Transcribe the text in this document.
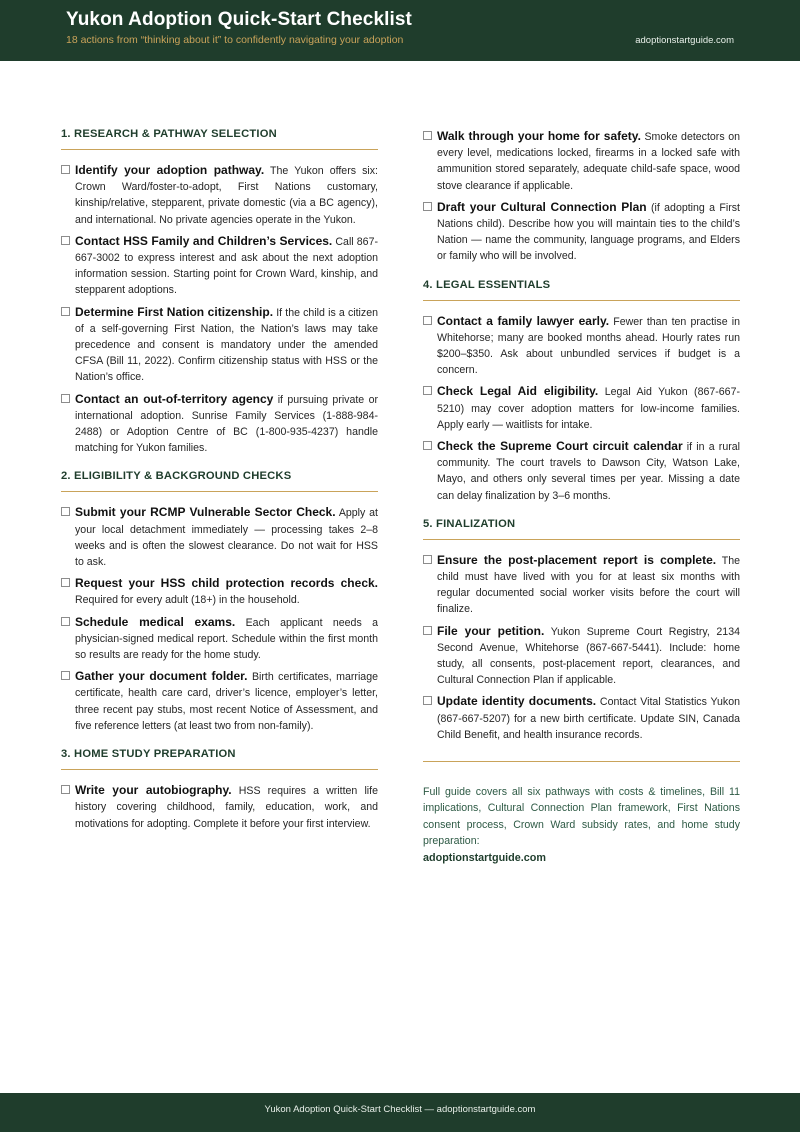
Yukon Adoption Quick-Start Checklist
18 actions from “thinking about it” to confidently navigating your adoption	adoptionstartguide.com
1. RESEARCH & PATHWAY SELECTION

Identify your adoption pathway. The Yukon offers six: Crown Ward/foster-to-adopt, First Nations customary, kinship/relative, stepparent, private domestic (via a BC agency), and international. No private agencies operate in the Yukon.

Contact HSS Family and Children’s Services. Call 867-667-3002 to express interest and ask about the next adoption information session. Starting point for Crown Ward, kinship, and stepparent adoptions.

Determine First Nation citizenship. If the child is a citizen of a self-governing First Nation, the Nation’s laws may take precedence and consent is mandatory under the amended CFSA (Bill 11, 2022). Confirm citizenship status with HSS or the Nation’s office.

Contact an out-of-territory agency if pursuing private or international adoption. Sunrise Family Services (1-888-984-2488) or Adoption Centre of BC (1-800-935-4237) handle matching for Yukon families.

2. ELIGIBILITY & BACKGROUND CHECKS

Submit your RCMP Vulnerable Sector Check. Apply at your local detachment immediately — processing takes 2–8 weeks and is often the slowest clearance. Do not wait for HSS to ask.

Request your HSS child protection records check. Required for every adult (18+) in the household.

Schedule medical exams. Each applicant needs a physician-signed medical report. Schedule within the first month so results are ready for the home study.

Gather your document folder. Birth certificates, marriage certificate, health care card, driver’s licence, employer’s letter, three recent pay stubs, most recent Notice of Assessment, and five reference letters (at least two from non-family).

3. HOME STUDY PREPARATION

Write your autobiography. HSS requires a written life history covering childhood, family, education, work, and motivations for adopting. Complete it before your first interview.

Walk through your home for safety. Smoke detectors on every level, medications locked, firearms in a locked safe with ammunition stored separately, adequate child-safe space, wood stove clearance if applicable.

Draft your Cultural Connection Plan (if adopting a First Nations child). Describe how you will maintain ties to the child’s Nation — name the community, language programs, and Elders or family who will be involved.

4. LEGAL ESSENTIALS

Contact a family lawyer early. Fewer than ten practise in Whitehorse; many are booked months ahead. Hourly rates run $200–$350. Ask about unbundled services if budget is a concern.

Check Legal Aid eligibility. Legal Aid Yukon (867-667-5210) may cover adoption matters for low-income families. Apply early — waitlists for intake.

Check the Supreme Court circuit calendar if in a rural community. The court travels to Dawson City, Watson Lake, Mayo, and others only several times per year. Missing a date can delay finalization by 3–6 months.

5. FINALIZATION

Ensure the post-placement report is complete. The child must have lived with you for at least six months with regular documented social worker visits before the court will finalize.

File your petition. Yukon Supreme Court Registry, 2134 Second Avenue, Whitehorse (867-667-5441). Include: home study, all consents, post-placement report, clearances, and Cultural Connection Plan if applicable.

Update identity documents. Contact Vital Statistics Yukon (867-667-5207) for a new birth certificate. Update SIN, Canada Child Benefit, and health insurance records.

Full guide covers all six pathways with costs & timelines, Bill 11 implications, Cultural Connection Plan framework, First Nations consent process, Crown Ward subsidy rates, and home study preparation:

adoptionstartguide.com
Yukon Adoption Quick-Start Checklist — adoptionstartguide.com
